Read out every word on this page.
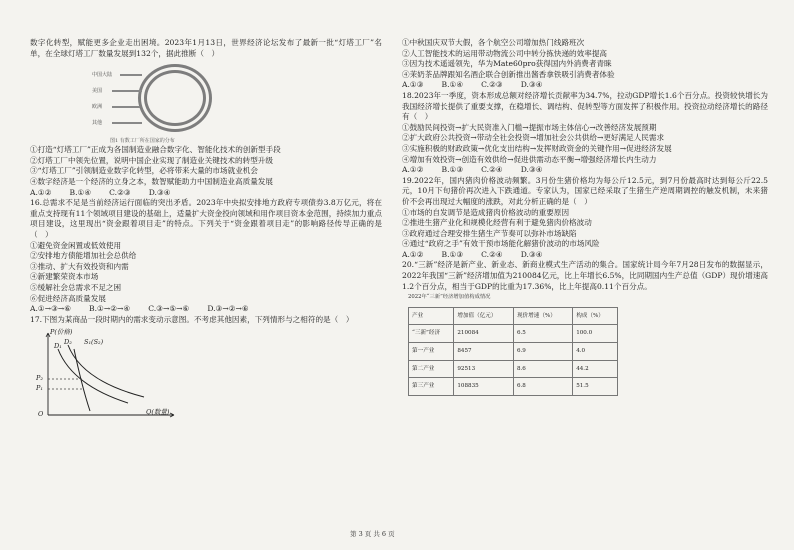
数字化转型，赋能更多企业走出困境。2023年1月13日，世界经济论坛发布了最新一批“灯塔工厂”名单，在全球灯塔工厂数量发展到132个，据此推断（　）

中国大陆
美国
欧洲
其他
图1 有数工厂所在国家的分布

①打造“灯塔工厂”正成为各国制造业融合数字化、智能化技术的创新型手段

②灯塔工厂中领先位置，说明中国企业实现了制造业关键技术的转型升级

③“灯塔工厂”引领制造业数字化转型，必将带来大量的市场就业机会

④数字经济是一个经济的立身之本，数智赋能助力中国制造业高质量发展

A.①② B.①④ C.②③ D.③④

16.总需求不足是当前经济运行面临的突出矛盾。2023年中央拟安排地方政府专项债券3.8万亿元，将在重点支持现有11个领域项目建设的基础上，适量扩大资金投向领域和用作项目资本金范围，持续加力重点项目建设，这里现出“资金跟着项目走”的特点。下列关于“资金跟着项目走”的影响路径传导正确的是（　）

①避免资金闲置或低效使用

②安排地方债能增加社会总供给

③推动、扩大有效投资和内需

④新建繁荣资本市场

⑤缓解社会总需求不足之困

⑥促进经济高质量发展

A.①→③→⑥ B.①→②→④ C.③→⑤→⑥ D.③→②→⑥

17.下图为某商品一段时期内的需求变动示意图。不考虑其他因素，下列情形与之相符的是（　）

P(价格)
D₁ D₂ S₁(S₂)
P₂
P₁
O	Q(数量)

①中秋国庆双节大假，各个航空公司增加热门线路班次

②人工智能技术的运用带动物流公司中转分拣快递的效率提高

③因为技术遥遥领先，华为Mate60pro获得国内外消费者青睐

④茉奶茶品牌跟知名酒企联合创新推出酱香拿铁吸引消费者体验

A.①③ B.①④ C.②③ D.③④

18.2023年一季度，资本形成总额对经济增长贡献率为34.7%，拉动GDP增长1.6个百分点。投资较快增长为我国经济增长提供了重要支撑，在稳增长、调结构、促转型等方面发挥了积极作用。投资拉动经济增长的路径有（　）

①鼓励民间投资→扩大民资准入门槛→提振市场主体信心→改善经济发展预期

②扩大政府公共投资→带动全社会投资→增加社会公共供给→更好满足人民需求

③实施积极的财政政策→优化支出结构→发挥财政资金的关键作用→促进经济发展

④增加有效投资→创造有效供给→促进供需动态平衡→增强经济增长内生动力

A.①② B.①③ C.②④ D.③④

19.2022年，国内猪肉价格波动频繁。3月份生猪价格均为每公斤12.5元，到7月份最高时达到每公斤22.5元，10月下旬猪价再次进入下跌通道。专家认为，国家已经采取了生猪生产逆周期调控的触发机制，未来猪价不会再出现过大幅度的涨跌，对此分析正确的是（　）

①市场的自发调节是造成猪肉价格波动的重要原因

②推进生猪产业化和规模化经营有利于避免猪肉价格波动

③政府通过合理安排生猪生产节奏可以弥补市场缺陷

④通过“政府之手”有效干预市场能化解猪价波动的市场风险

A.①② B.①③ C.②④ D.③④

20.“三新”经济是新产业、新业态、新商业模式生产活动的集合。国家统计局今年7月28日发布的数据显示，2022年我国“三新”经济增加值为210084亿元，比上年增长6.5%，比同期国内生产总值（GDP）现价增速高1.2个百分点，相当于GDP的比重为17.36%，比上年提高0.11个百分点。

2022年“三新”经济增加值构成情况
产业	增加值（亿元）	现价增速（%）	构成（%）
“三新”经济	210084	6.5	100.0
第一产业	8457	6.9	4.0
第二产业	92513	8.6	44.2
第三产业	108835	6.8	51.5
第 3 页 共 6 页
